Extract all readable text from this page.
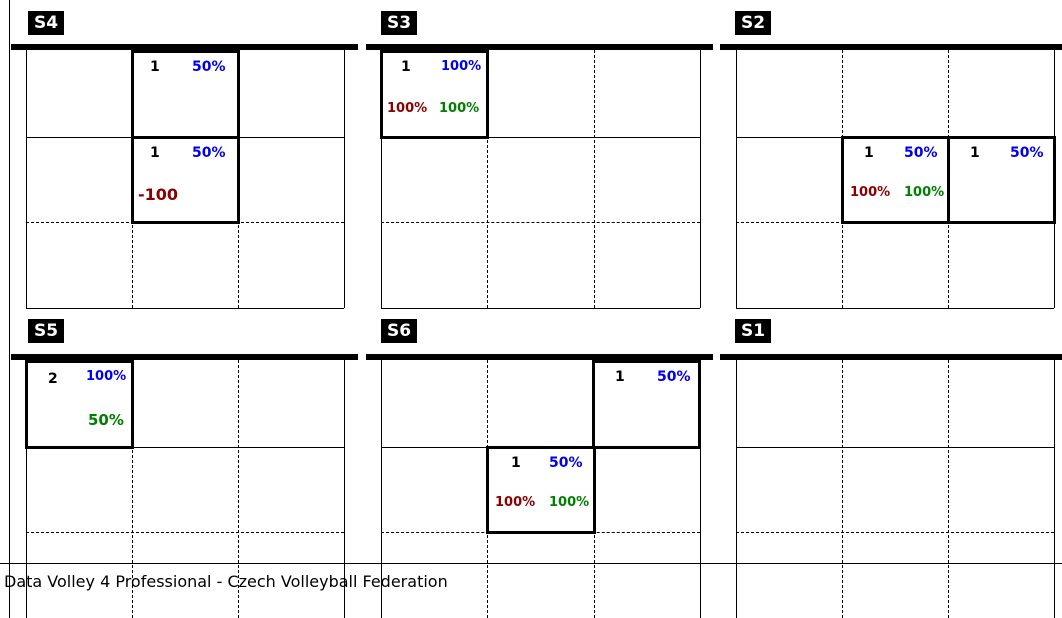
S4	S3	S2
S5	S6	S1
1 50%
1 50%
-100
1 100%
100% 100%
1 50%
100% 100%
1 50%
2 100%
50%
1 50%
1 50%
100% 100%
Data Volley 4 Professional - Czech Volleyball Federation
